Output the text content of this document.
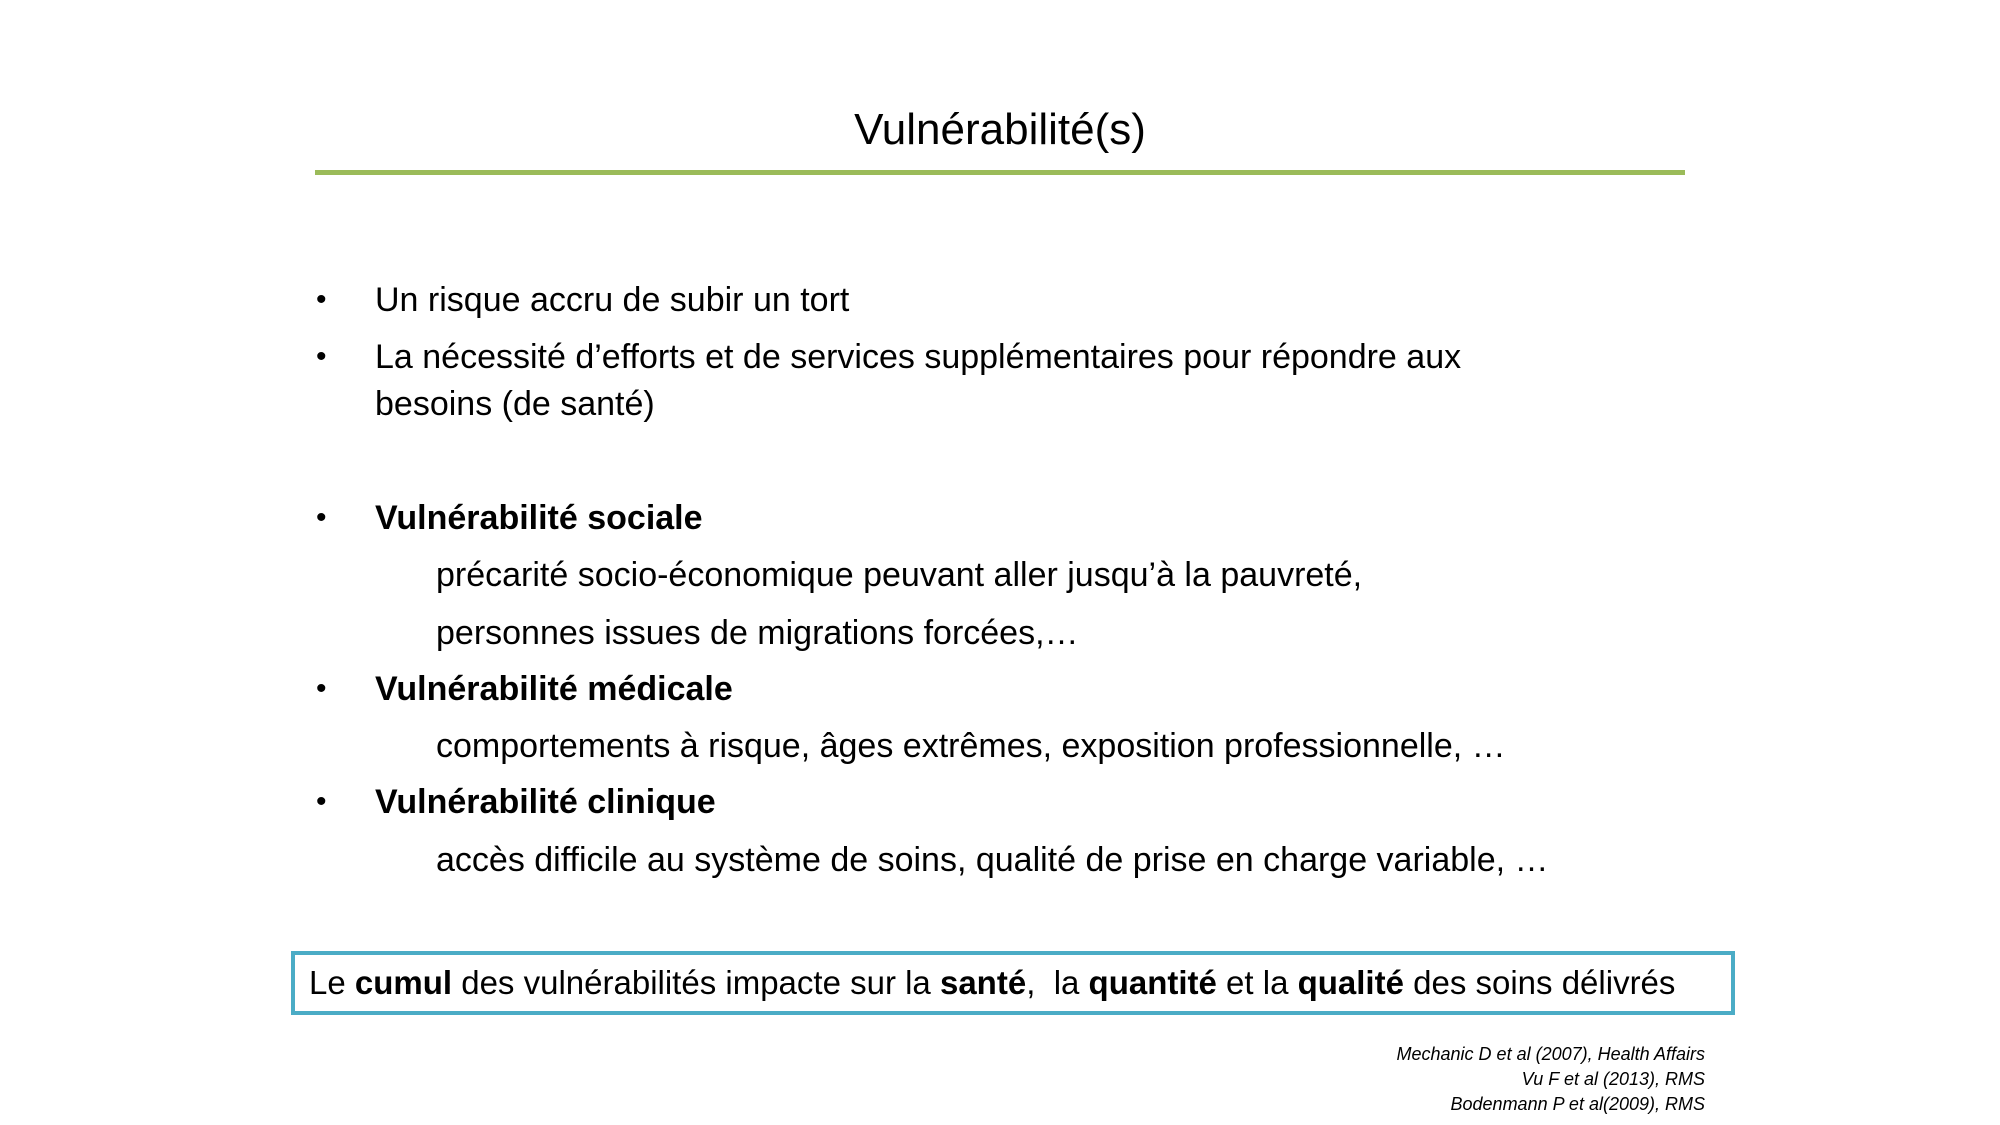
Vulnérabilité(s)
• Un risque accru de subir un tort
• La nécessité d’efforts et de services supplémentaires pour répondre aux
besoins (de santé)
• Vulnérabilité sociale
précarité socio-économique peuvant aller jusqu’à la pauvreté,
personnes issues de migrations forcées,…
• Vulnérabilité médicale
comportements à risque, âges extrêmes, exposition professionnelle, …
• Vulnérabilité clinique
accès difficile au système de soins, qualité de prise en charge variable, …
Le cumul des vulnérabilités impacte sur la santé,  la quantité et la qualité des soins délivrés
Mechanic D et al (2007), Health Affairs
Vu F et al (2013), RMS
Bodenmann P et al(2009), RMS
